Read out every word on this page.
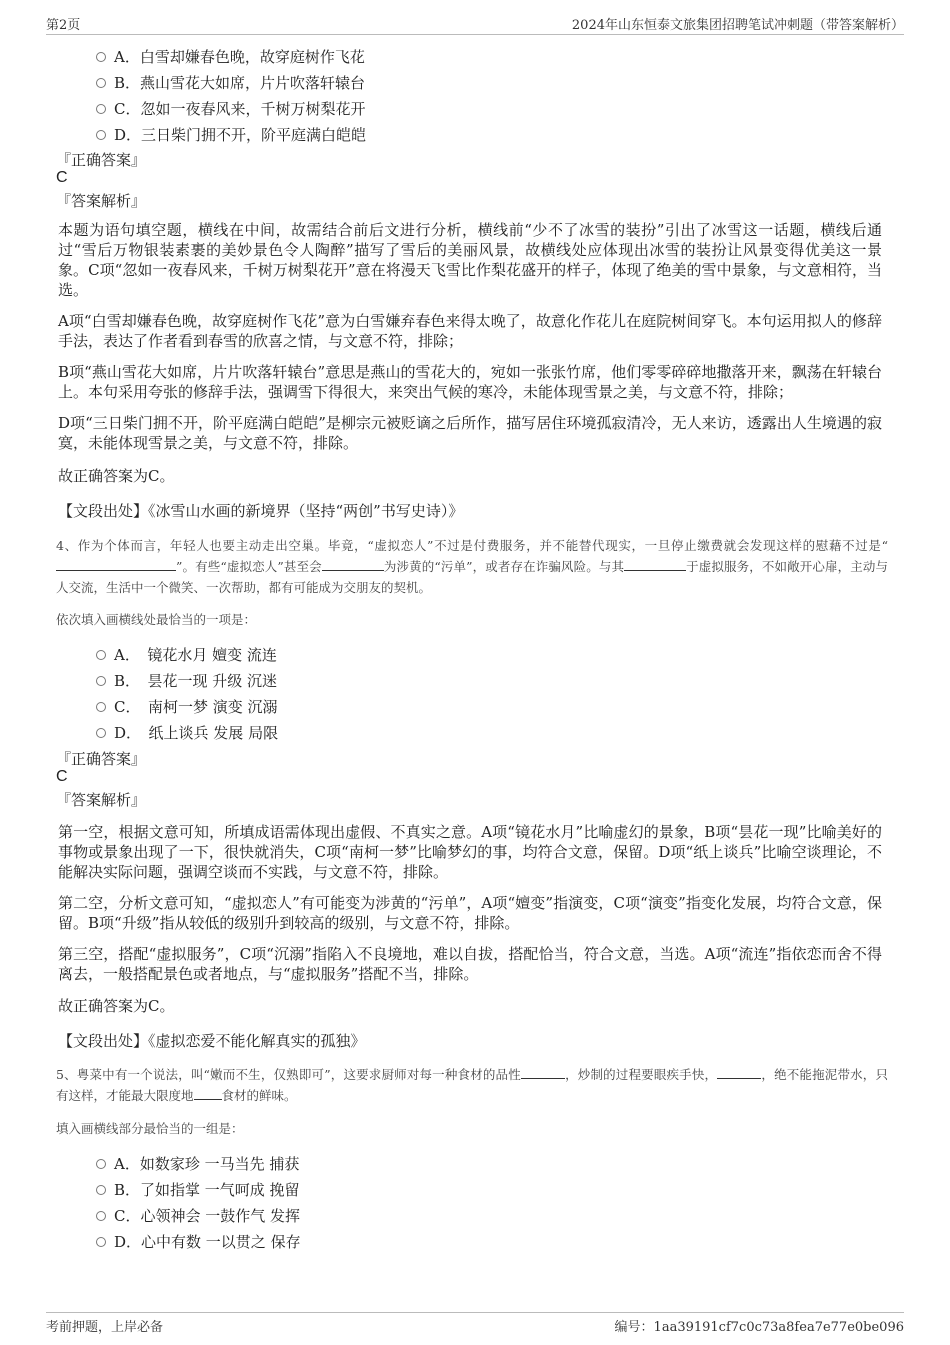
第2页	2024年山东恒泰文旅集团招聘笔试冲刺题（带答案解析）
A．白雪却嫌春色晚，故穿庭树作飞花
B．燕山雪花大如席，片片吹落轩辕台
C．忽如一夜春风来，千树万树梨花开
D．三日柴门拥不开，阶平庭满白皑皑
『正确答案』
C
『答案解析』
本题为语句填空题，横线在中间，故需结合前后文进行分析，横线前“少不了冰雪的装扮”引出了冰雪这一话题，横线后通过“雪后万物银装素裹的美妙景色令人陶醉”描写了雪后的美丽风景，故横线处应体现出冰雪的装扮让风景变得优美这一景象。C项“忽如一夜春风来，千树万树梨花开”意在将漫天飞雪比作梨花盛开的样子，体现了绝美的雪中景象，与文意相符，当选。
A项“白雪却嫌春色晚，故穿庭树作飞花”意为白雪嫌弃春色来得太晚了，故意化作花儿在庭院树间穿飞。本句运用拟人的修辞手法，表达了作者看到春雪的欣喜之情，与文意不符，排除；
B项“燕山雪花大如席，片片吹落轩辕台”意思是燕山的雪花大的，宛如一张张竹席，他们零零碎碎地撒落开来，飘荡在轩辕台上。本句采用夸张的修辞手法，强调雪下得很大，来突出气候的寒冷，未能体现雪景之美，与文意不符，排除；
D项“三日柴门拥不开，阶平庭满白皑皑”是柳宗元被贬谪之后所作，描写居住环境孤寂清冷，无人来访，透露出人生境遇的寂寞，未能体现雪景之美，与文意不符，排除。
故正确答案为C。
【文段出处】《冰雪山水画的新境界（坚持“两创”书写史诗）》
4、作为个体而言，年轻人也要主动走出空巢。毕竟，“虚拟恋人”不过是付费服务，并不能替代现实，一旦停止缴费就会发现这样的慰藉不过是“”。有些“虚拟恋人”甚至会	为涉黄的“污单”，或者存在诈骗风险。与其	于虚拟服务，不如敞开心扉，主动与人交流，生活中一个微笑、一次帮助，都有可能成为交朋友的契机。
依次填入画横线处最恰当的一项是：
A．　镜花水月 嬗变 流连
B．　昙花一现 升级 沉迷
C．　南柯一梦 演变 沉溺
D．　纸上谈兵 发展 局限
『正确答案』
C
『答案解析』
第一空，根据文意可知，所填成语需体现出虚假、不真实之意。A项“镜花水月”比喻虚幻的景象，B项“昙花一现”比喻美好的事物或景象出现了一下，很快就消失，C项“南柯一梦”比喻梦幻的事，均符合文意，保留。D项“纸上谈兵”比喻空谈理论，不能解决实际问题，强调空谈而不实践，与文意不符，排除。
第二空，分析文意可知，“虚拟恋人”有可能变为涉黄的“污单”，A项“嬗变”指演变，C项“演变”指变化发展，均符合文意，保留。B项“升级”指从较低的级别升到较高的级别，与文意不符，排除。
第三空，搭配“虚拟服务”，C项“沉溺”指陷入不良境地，难以自拔，搭配恰当，符合文意，当选。A项“流连”指依恋而舍不得离去，一般搭配景色或者地点，与“虚拟服务”搭配不当，排除。
故正确答案为C。
【文段出处】《虚拟恋爱不能化解真实的孤独》
5、粤菜中有一个说法，叫“嫩而不生，仅熟即可”，这要求厨师对每一种食材的品性	，炒制的过程要眼疾手快，	，绝不能拖泥带水，只有这样，才能最大限度地 食材的鲜味。
填入画横线部分最恰当的一组是：
A．如数家珍 一马当先 捕获
B．了如指掌 一气呵成 挽留
C．心领神会 一鼓作气 发挥
D．心中有数 一以贯之 保存
考前押题，上岸必备	编号：1aa39191cf7c0c73a8fea7e77e0be096
